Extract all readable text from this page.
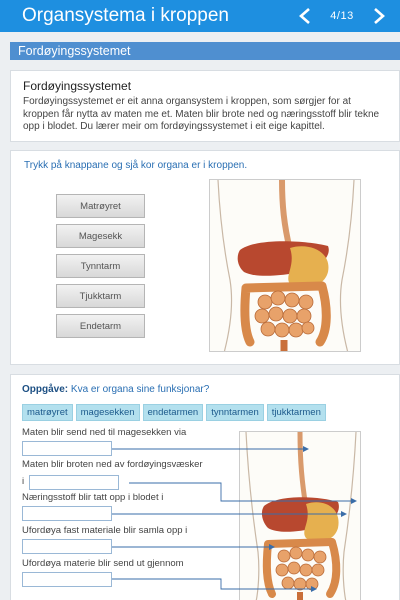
Organsystema i kroppen	4/13
Fordøyingssystemet
Fordøyingssystemet

Fordøyingssystemet er eit anna organsystem i kroppen, som sørgjer for at kroppen får nytta av maten me et. Maten blir brote ned og næringsstoff blir tekne opp i blodet. Du lærer meir om fordøyingssystemet i eit eige kapittel.

Trykk på knappane og sjå kor organa er i kroppen.
Matrøyret
Magesekk
Tynntarm
Tjukktarm
Endetarm
Oppgåve: Kva er organa sine funksjonar?
matrøyret	magesekken	endetarmen	tynntarmen	tjukktarmen
Maten blir send ned til magesekken via
Maten blir broten ned av fordøyingsvæsker
i
Næringsstoff blir tatt opp i blodet i
Ufordøya fast materiale blir samla opp i
Ufordøya materie blir send ut gjennom
